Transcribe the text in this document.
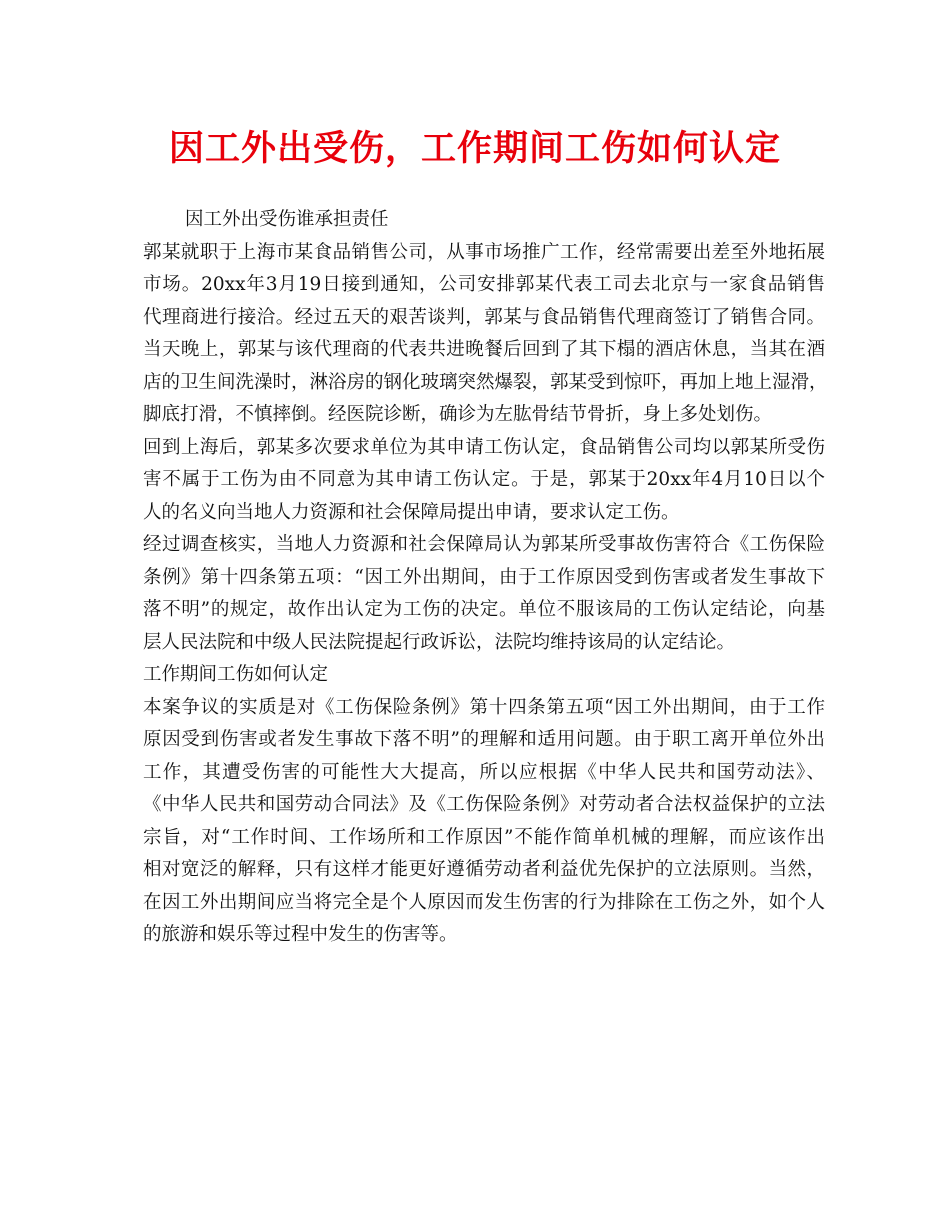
因工外出受伤，工作期间工伤如何认定
因工外出受伤谁承担责任
郭某就职于上海市某食品销售公司，从事市场推广工作，经常需要出差至外地拓展
市场。20xx年3月19日接到通知，公司安排郭某代表工司去北京与一家食品销售
代理商进行接洽。经过五天的艰苦谈判，郭某与食品销售代理商签订了销售合同。
当天晚上，郭某与该代理商的代表共进晚餐后回到了其下榻的酒店休息，当其在酒
店的卫生间洗澡时，淋浴房的钢化玻璃突然爆裂，郭某受到惊吓，再加上地上湿滑，
脚底打滑，不慎摔倒。经医院诊断，确诊为左肱骨结节骨折，身上多处划伤。
回到上海后，郭某多次要求单位为其申请工伤认定，食品销售公司均以郭某所受伤
害不属于工伤为由不同意为其申请工伤认定。于是，郭某于20xx年4月10日以个
人的名义向当地人力资源和社会保障局提出申请，要求认定工伤。
经过调查核实，当地人力资源和社会保障局认为郭某所受事故伤害符合《工伤保险
条例》第十四条第五项：“因工外出期间，由于工作原因受到伤害或者发生事故下
落不明”的规定，故作出认定为工伤的决定。单位不服该局的工伤认定结论，向基
层人民法院和中级人民法院提起行政诉讼，法院均维持该局的认定结论。
工作期间工伤如何认定
本案争议的实质是对《工伤保险条例》第十四条第五项“因工外出期间，由于工作
原因受到伤害或者发生事故下落不明”的理解和适用问题。由于职工离开单位外出
工作，其遭受伤害的可能性大大提高，所以应根据《中华人民共和国劳动法》、
《中华人民共和国劳动合同法》及《工伤保险条例》对劳动者合法权益保护的立法
宗旨，对“工作时间、工作场所和工作原因”不能作简单机械的理解，而应该作出
相对宽泛的解释，只有这样才能更好遵循劳动者利益优先保护的立法原则。当然，
在因工外出期间应当将完全是个人原因而发生伤害的行为排除在工伤之外，如个人
的旅游和娱乐等过程中发生的伤害等。
